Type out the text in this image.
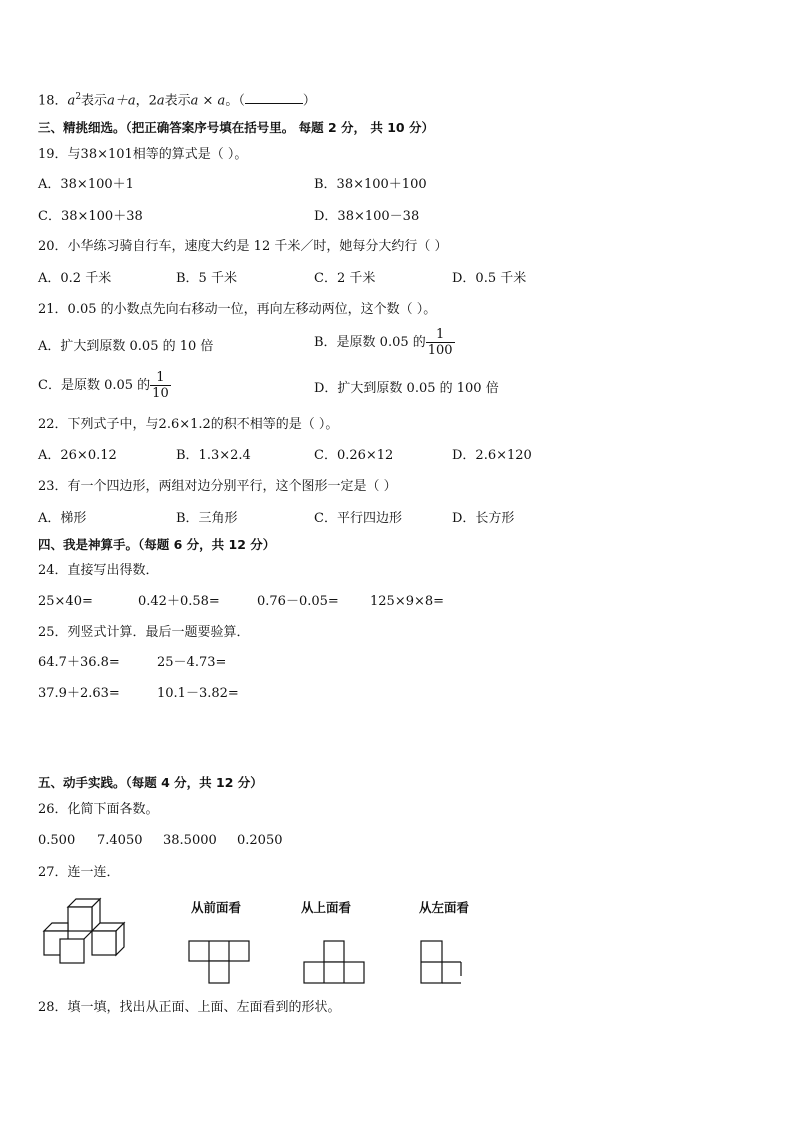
18．$a^2$表示a＋a，2a表示a × a。（	）
三、精挑细选。（把正确答案序号填在括号里。 每题 2 分， 共 10 分）
19．与38×101相等的算式是（ ）。
A．38×100＋1	B．38×100＋100
C．38×100＋38	D．38×100－38
20．小华练习骑自行车，速度大约是 12 千米／时，她每分大约行（ ）
A．0.2 千米	B．5 千米	C．2 千米	D．0.5 千米
21．0.05 的小数点先向右移动一位，再向左移动两位，这个数（ ）。
A．扩大到原数 0.05 的 10 倍	B．是原数 0.05 的 $\frac{1}{100}$
C．是原数 0.05 的 $\frac{1}{10}$	D．扩大到原数 0.05 的 100 倍
22．下列式子中，与2.6×1.2的积不相等的是（ ）。
A．26×0.12	B．1.3×2.4	C．0.26×12	D．2.6×120
23．有一个四边形，两组对边分别平行，这个图形一定是（ ）
A．梯形	B．三角形	C．平行四边形	D．长方形
四、我是神算手。（每题 6 分，共 12 分）
24．直接写出得数．
25×40=	0.42＋0.58=	0.76－0.05= 125×9×8=
25．列竖式计算．最后一题要验算．
64.7＋36.8=	25－4.73=
37.9＋2.63=	10.1－3.82=
五、动手实践。（每题 4 分，共 12 分）
26．化简下面各数。
0.500 7.4050 38.5000 0.2050
27．连一连．
从前面看	从上面看	从左面看
28．填一填，找出从正面、上面、左面看到的形状。
